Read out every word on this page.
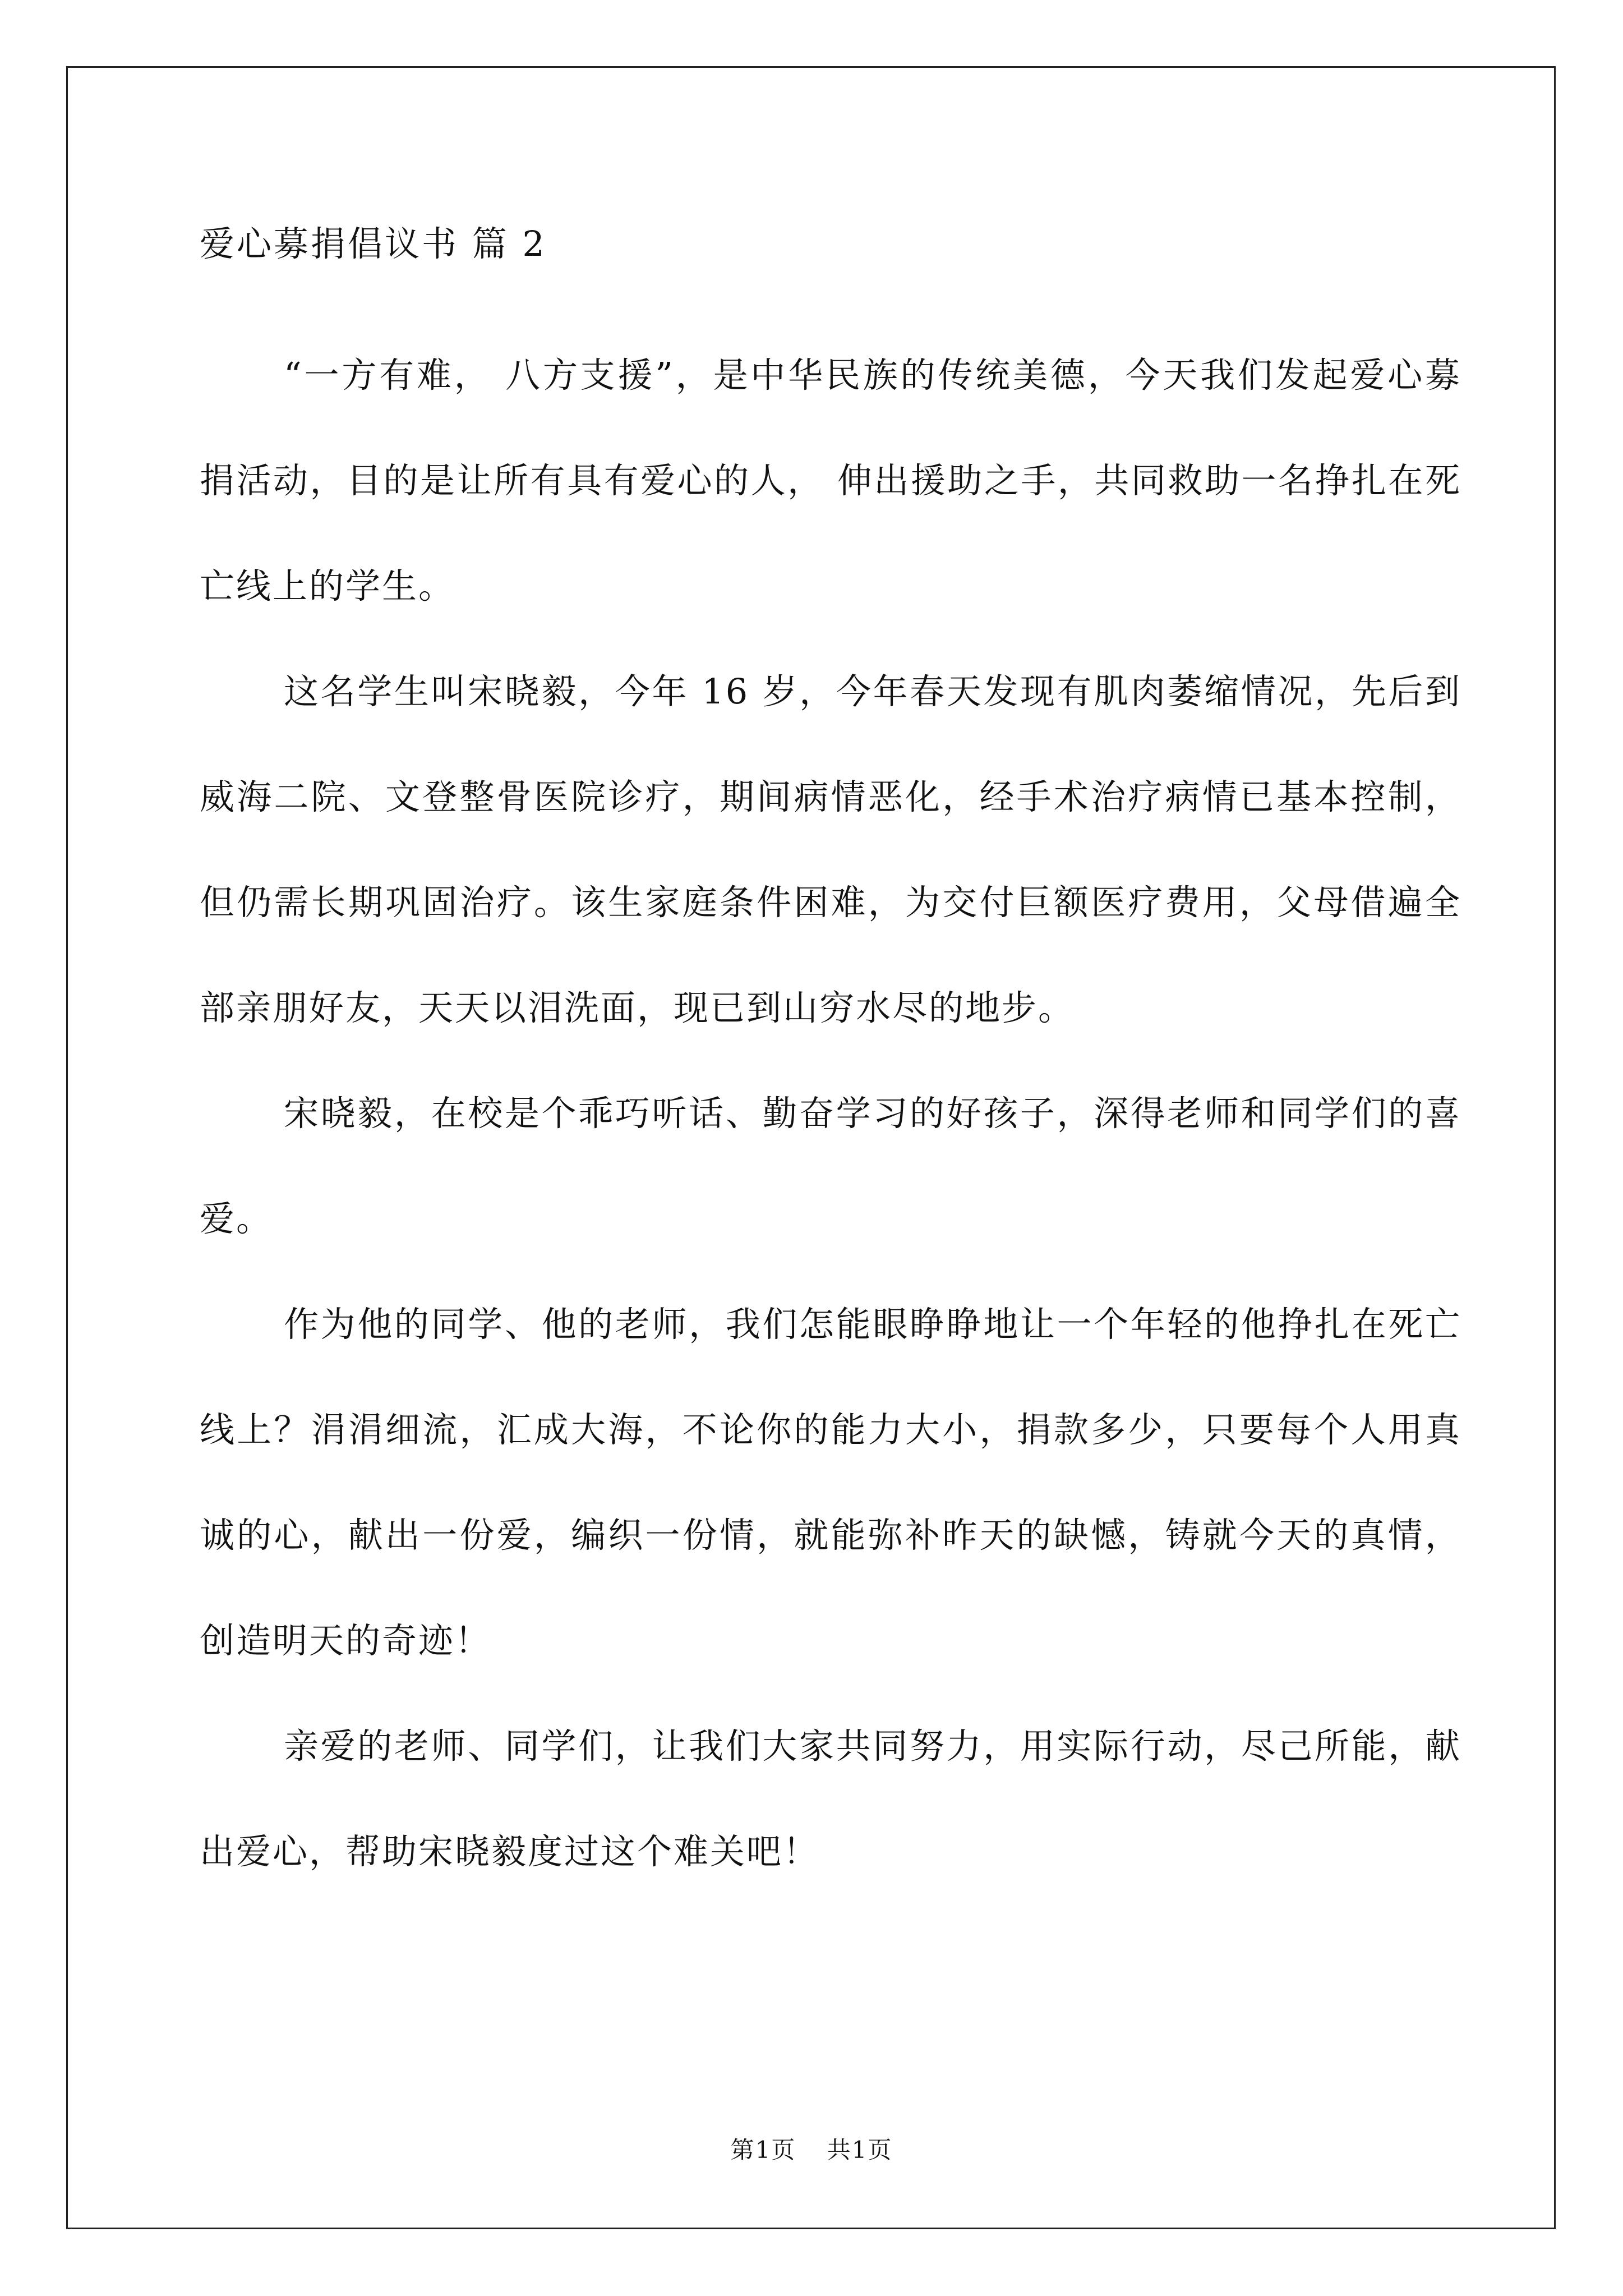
爱心募捐倡议书 篇 2

“一方有难， 八方支援”，是中华民族的传统美德，今天我们发起爱心募捐活动，目的是让所有具有爱心的人， 伸出援助之手，共同救助一名挣扎在死亡线上的学生。

这名学生叫宋晓毅，今年 16 岁，今年春天发现有肌肉萎缩情况，先后到威海二院、文登整骨医院诊疗，期间病情恶化，经手术治疗病情已基本控制，但仍需长期巩固治疗。该生家庭条件困难，为交付巨额医疗费用，父母借遍全部亲朋好友，天天以泪洗面，现已到山穷水尽的地步。

宋晓毅，在校是个乖巧听话、勤奋学习的好孩子，深得老师和同学们的喜爱。

作为他的同学、他的老师，我们怎能眼睁睁地让一个年轻的他挣扎在死亡线上？涓涓细流，汇成大海，不论你的能力大小，捐款多少，只要每个人用真诚的心，献出一份爱，编织一份情，就能弥补昨天的缺憾，铸就今天的真情，创造明天的奇迹！

亲爱的老师、同学们，让我们大家共同努力，用实际行动，尽己所能，献出爱心，帮助宋晓毅度过这个难关吧！

第1页 共1页
